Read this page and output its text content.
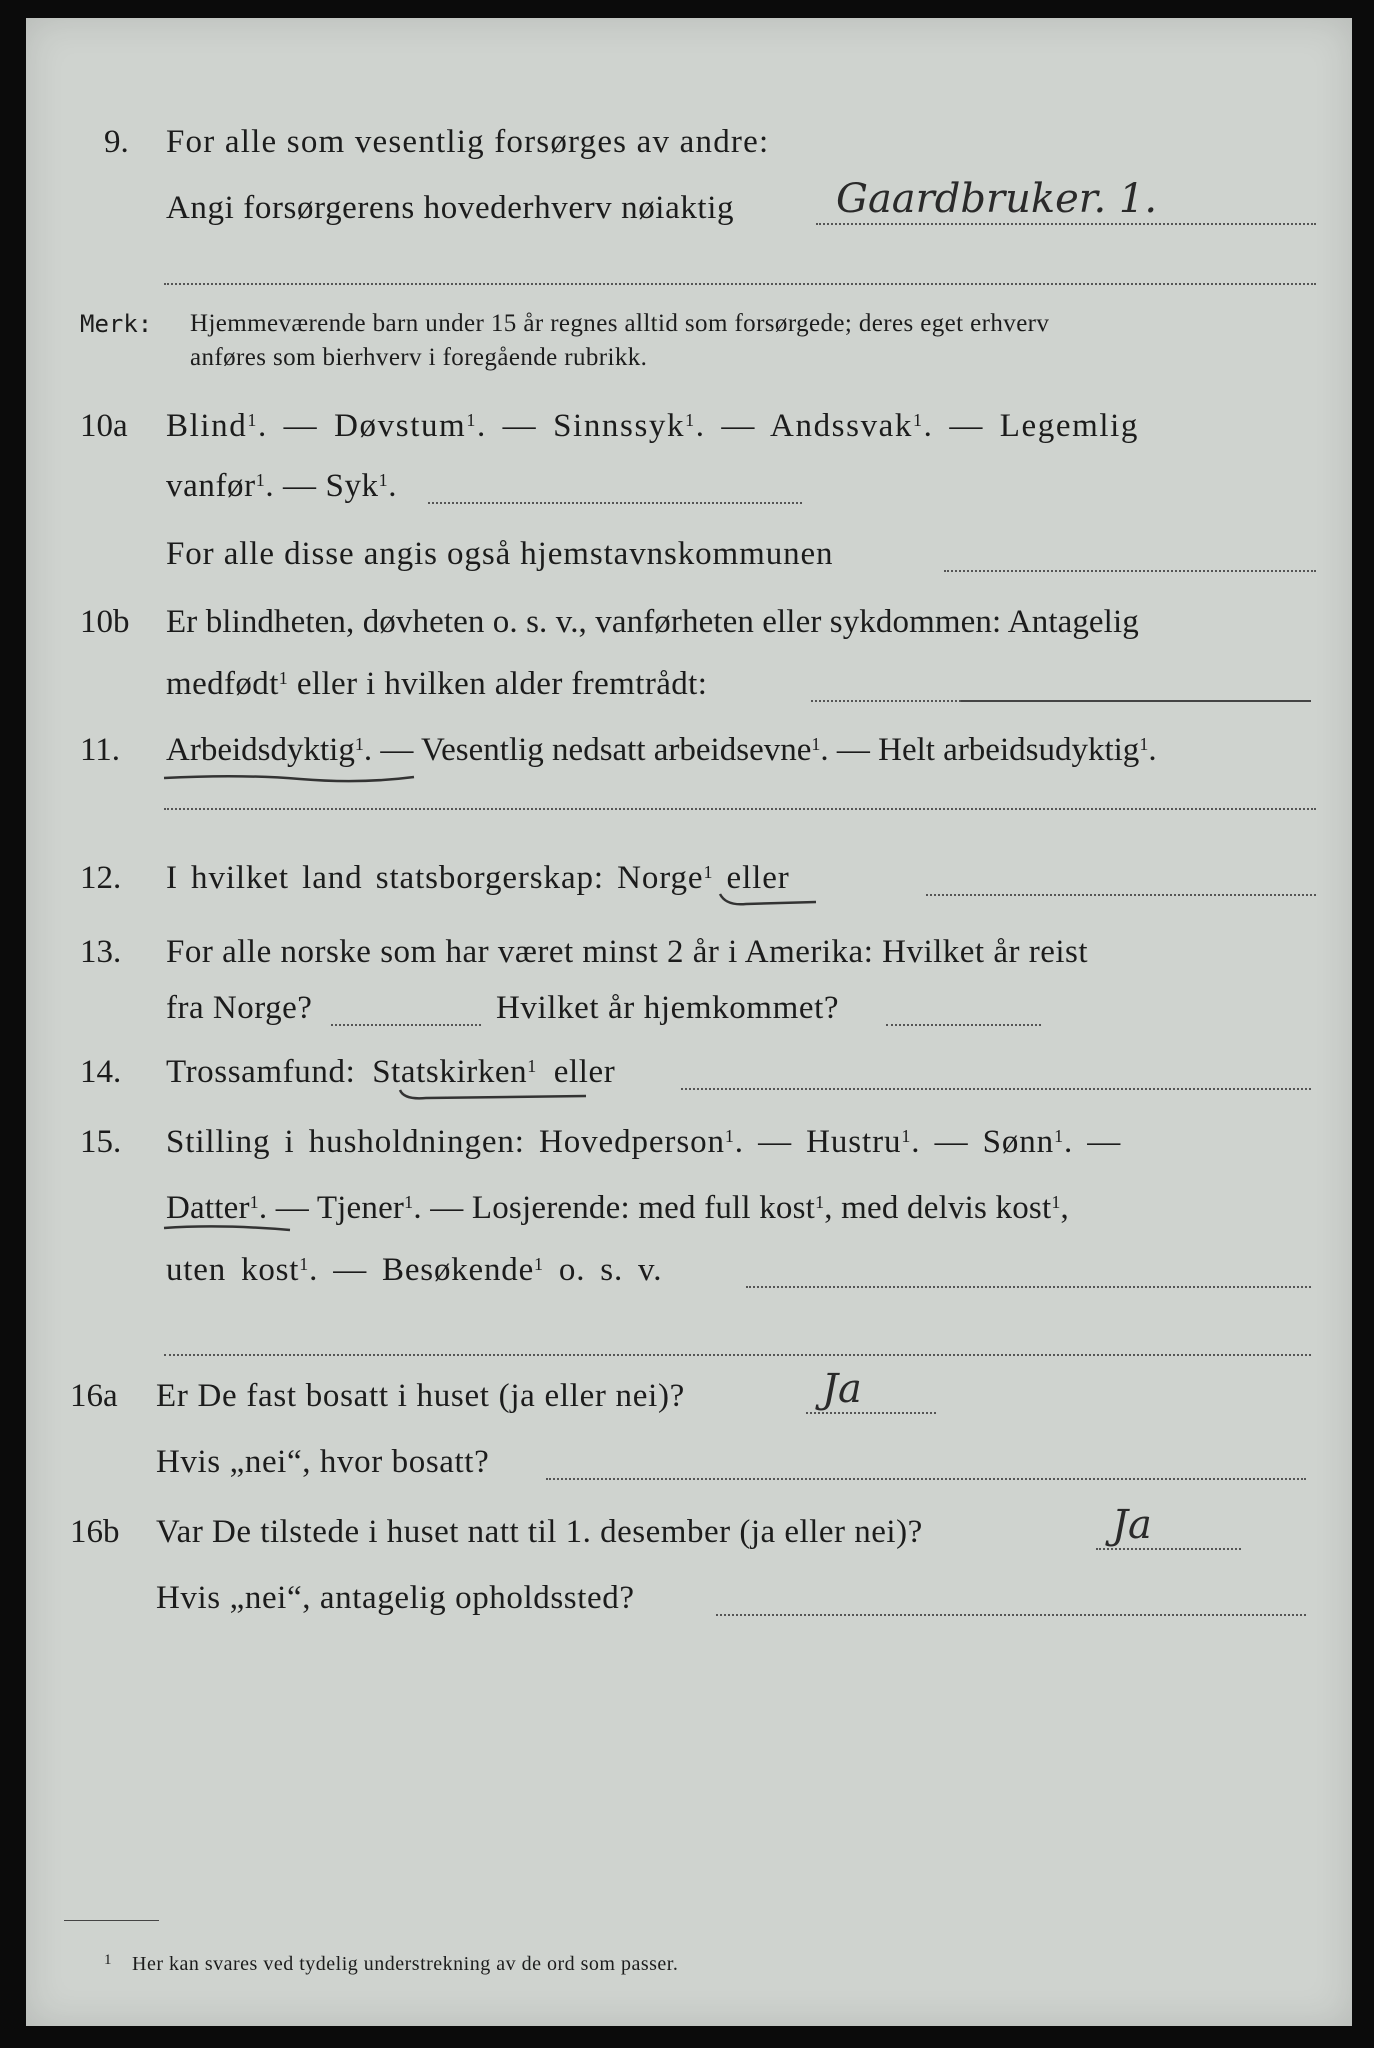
9. For alle som vesentlig forsørges av andre:
Angi forsørgerens hovederhverv nøiaktig	Gaardbruker. 1.
Merk: Hjemmeværende barn under 15 år regnes alltid som forsørgede; deres eget erhverv
anføres som bierhverv i foregående rubrikk.
10a Blind$^1$. — Døvstum$^1$. — Sinnssyk$^1$. — Andssvak$^1$. — Legemlig
vanfør$^1$. — Syk$^1$.
For alle disse angis også hjemstavnskommunen
10b Er blindheten, døvheten o. s. v., vanførheten eller sykdommen: Antagelig
medfødt$^1$ eller i hvilken alder fremtrådt:
11. Arbeidsdyktig$^1$. — Vesentlig nedsatt arbeidsevne$^1$. — Helt arbeidsudyktig$^1$.
12. I hvilket land statsborgerskap: Norge$^1$ eller
13. For alle norske som har været minst 2 år i Amerika: Hvilket år reist
fra Norge?	Hvilket år hjemkommet?
14. Trossamfund: Statskirken$^1$ eller
15. Stilling i husholdningen: Hovedperson$^1$. — Hustru$^1$. — Sønn$^1$. —
Datter$^1$. — Tjener$^1$. — Losjerende: med full kost$^1$, med delvis kost$^1$,
uten kost$^1$. — Besøkende$^1$ o. s. v.
16a Er De fast bosatt i huset (ja eller nei)?	Ja
Hvis „nei“, hvor bosatt?
16b Var De tilstede i huset natt til 1. desember (ja eller nei)?	Ja
Hvis „nei“, antagelig opholdssted?
1 Her kan svares ved tydelig understrekning av de ord som passer.
